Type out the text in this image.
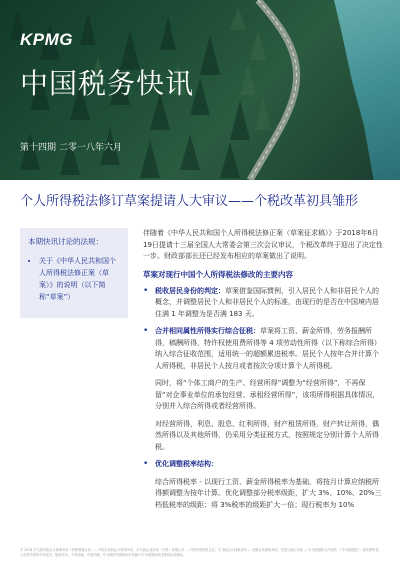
KPMG
中国税务快讯
第十四期 二零一八年六月
个人所得税法修订草案提请人大审议——个税改革初具雏形
本期快讯讨论的法规：
• 关于《中华人民共和国个人所得税法修正案（草案）》的说明（以下简称“草案”）

伴随着《中华人民共和国个人所得税法修正案（草案征求稿）》于2018年6月19日提请十三届全国人大常委会第三次会议审议，个税改革终于迎出了决定性一步。财政部部长还已经发布相应的草案做出了说明。

草案对现行中国个人所得税法修改的主要内容

• 税收居民身份的判定：草案借鉴国际惯例，引入居民个人和非居民个人的概念，并调整居民个人和非居民个人的标准，由现行的是否在中国境内居住满 1 年调整为是否满 183 天。
• 合并相同属性所得实行综合征税：草案将工资、薪金所得，劳务报酬所得，稿酬所得，特许权使用费所得等 4 项劳动性所得（以下称综合所得）纳入综合征收范围，适用统一的超额累进税率。居民个人按年合并计算个人所得税，非居民个人按月或者按次分项计算个人所得税。

同时，将“个体工商户的生产、经营所得”调整为“经营所得”，不再保留“对企事业单位的承包经营、承租经营所得”，该项所得根据具体情况，分别并入综合所得或者经营所得。

对经营所得，利息、股息、红利所得，财产租赁所得，财产转让所得，偶然所得以及其他所得，仍采用分类征税方式，按照规定分别计算个人所得税。

• 优化调整税率结构：

综合所得税率 - 以现行工资、薪金所得税率为基础，将按月计算应纳税所得额调整为按年计算。优化调整部分税率级距，扩大 3%、10%、20%三档低税率的级距；将 3%税率的级距扩大一倍；现行税率为 10%

© 2018 毕马威华振会计师事务所（特殊普通合伙）— 中国合伙制会计师事务所，毕马威企业咨询（中国）有限公司 — 中国外商独资企业，毕马威会计师事务所 — 香港合伙制事务所，均是与瑞士实体 — 毕马威国际合作组织（“毕马威国际”）相关联的独立成员所网络中的成员。版权所有，不得转载。中国印制。毕马威的名称和标识均属于毕马威国际的注册商标或商标。
